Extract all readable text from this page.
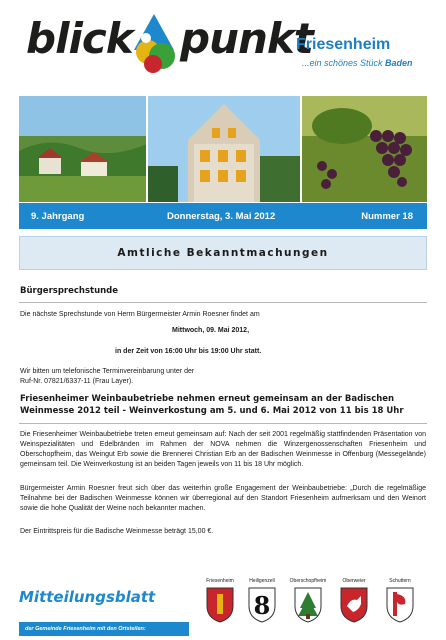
blick punkt
Friesenheim
...ein schönes Stück Baden
9. Jahrgang	Donnerstag, 3. Mai 2012	Nummer 18
Amtliche Bekanntmachungen
Bürgersprechstunde
Die nächste Sprechstunde von Herrn Bürgermeister Armin Roesner findet am
Mittwoch, 09. Mai 2012,
in der Zeit von 16:00 Uhr bis 19:00 Uhr statt.
Wir bitten um telefonische Terminvereinbarung unter der
Ruf-Nr. 07821/6337-11 (Frau Layer).
Friesenheimer Weinbaubetriebe nehmen erneut gemeinsam an der Badischen
Weinmesse 2012 teil - Weinverkostung am 5. und 6. Mai 2012 von 11 bis 18 Uhr
Die Friesenheimer Weinbaubetriebe treten erneut gemeinsam auf: Nach der seit 2001 regelmäßig stattfindenden Präsentation von Weinspezialitäten und Edelbränden im Rahmen der NOVA nehmen die Winzergenossenschaften Friesenheim und Oberschopfheim, das Weingut Erb sowie die Brennerei Christian Erb an der Badischen Weinmesse in Offenburg (Messegelände) gemeinsam teil. Die Weinverkostung ist an beiden Tagen jeweils von 11 bis 18 Uhr möglich.
Bürgermeister Armin Roesner freut sich über das weiterhin große Engagement der Weinbaubetriebe: „Durch die regelmäßige Teilnahme bei der Badischen Weinmesse können wir überregional auf den Standort Friesenheim aufmerksam und den Weinort sowie die hohe Qualität der Weine noch bekannter machen.
Der Eintrittspreis für die Badische Weinmesse beträgt 15,00 €.
Mitteilungsblatt
der Gemeinde Friesenheim mit den Ortsteilen:
Friesenheim	Heiligenzell
8
Oberschopfheim	Oberweier	Schuttern
